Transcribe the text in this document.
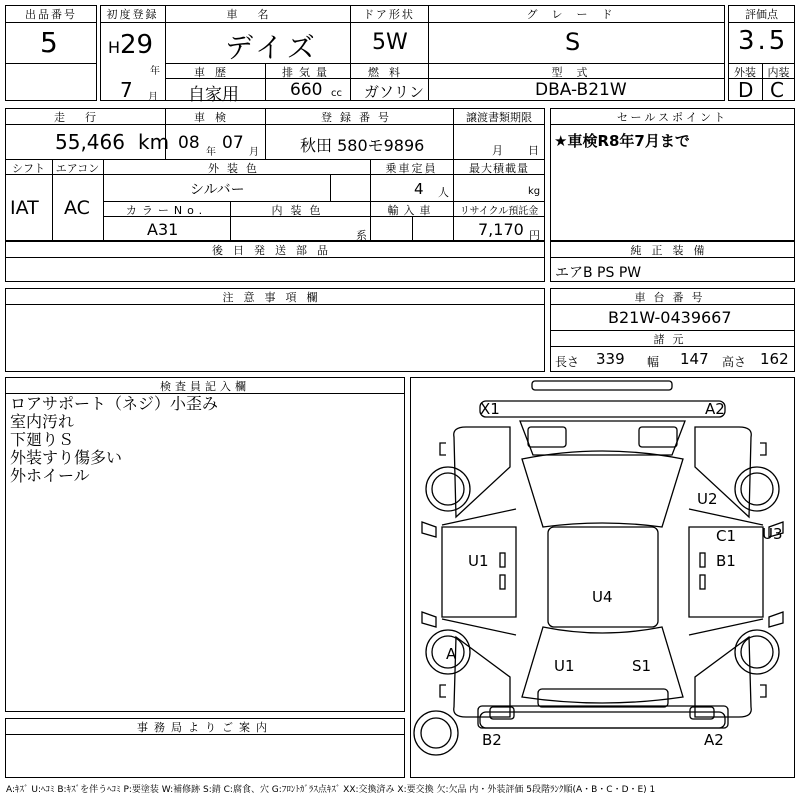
出品番号
5
初度登録
H 29
年
7 月
車名
デイズ
ドア形状
5W
グレード
S
車歴
自家用
排気量
660 cc
燃料
ガソリン
型式
DBA-B21W
評価点
3.5
外装	内装
D C
走行
55,466 km
車検
08 年 07 月
登録番号
秋田 580モ9896
譲渡書類期限
月 日
シフト
IAT
エアコン
AC
外装色
シルバー
乗車定員
4 人
最大積載量
kg
カラーNo.
A31
内装色
系
輸入車	リサイクル預託金
7,170 円
セールスポイント
★車検R8年7月まで
後日発送部品	純正装備
エアB PS PW
注意事項欄	車台番号
B21W-0439667
諸元
長さ 339 幅 147 高さ 162
検査員記入欄
ロアサポート（ネジ）小歪み
室内汚れ
下廻りＳ
外装すり傷多い
外ホイール
事務局よりご案内
X1	A2
U2
C1 U3
B1
U1
U4
A
U1	S1
B2	A2
A:ｷｽﾞ U:ﾍｺﾐ B:ｷｽﾞを伴うﾍｺﾐ P:要塗装 W:補修跡 S:錆 C:腐食、穴 G:ﾌﾛﾝﾄｶﾞﾗｽ点ｷｽﾞ XX:交換済み X:要交換 欠:欠品 内・外装評価 5段階ﾗﾝｸ順(A・B・C・D・E) 1
